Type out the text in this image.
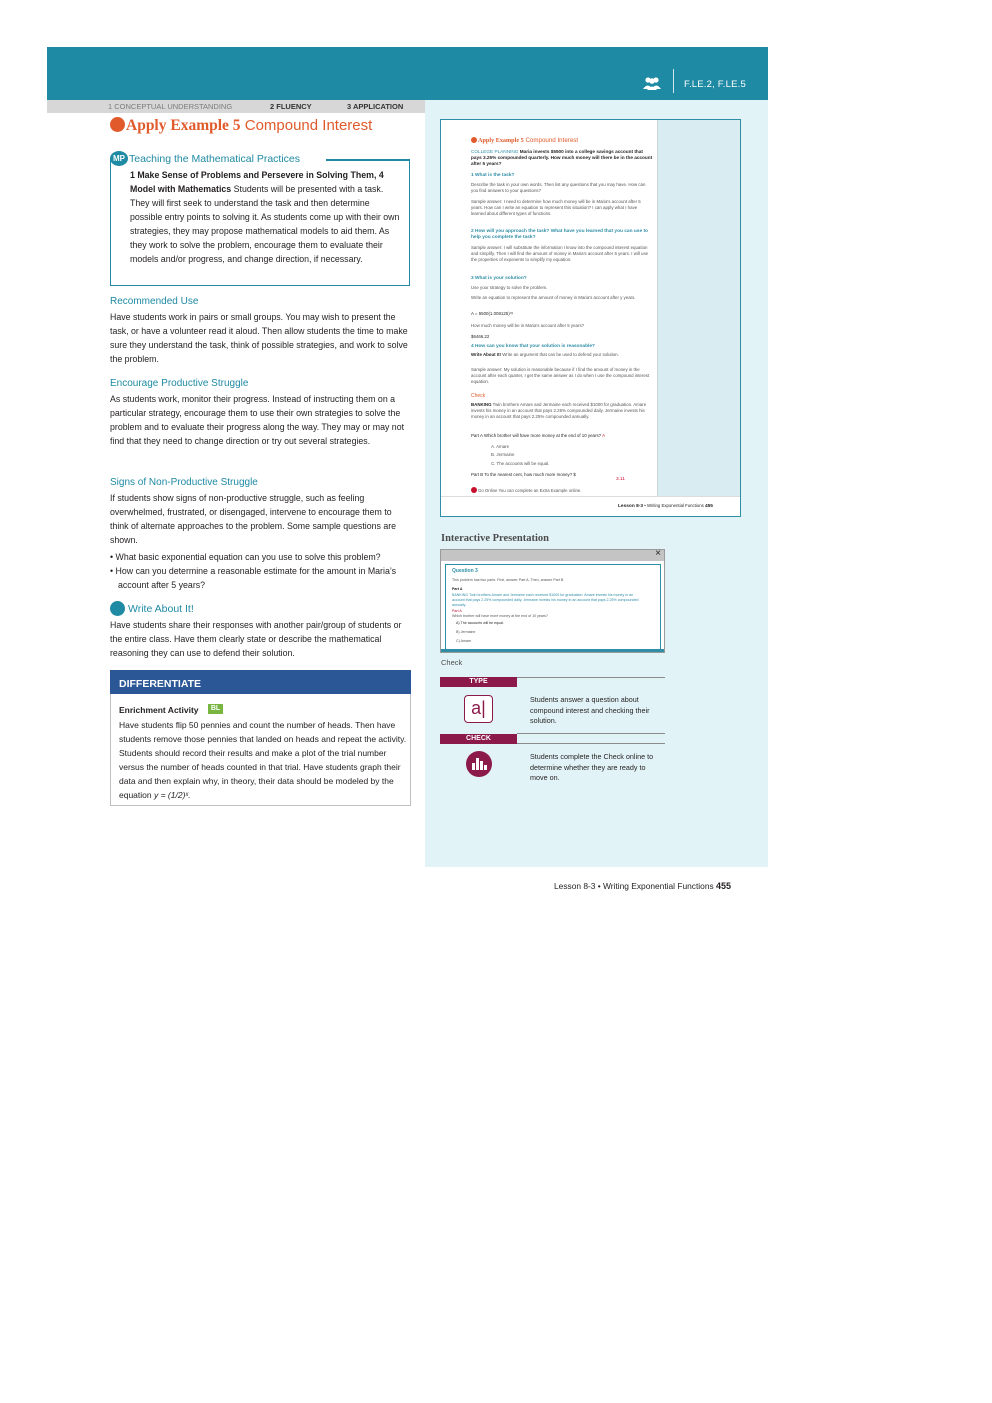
F.LE.2, F.LE.5
1 CONCEPTUAL UNDERSTANDING	2 FLUENCY	3 APPLICATION
Apply Example 5 Compound Interest
MP Teaching the Mathematical Practices
1 Make Sense of Problems and Persevere in Solving Them, 4 Model with Mathematics Students will be presented with a task. They will first seek to understand the task and then determine possible entry points to solving it. As students come up with their own strategies, they may propose mathematical models to aid them. As they work to solve the problem, encourage them to evaluate their models and/or progress, and change direction, if necessary.
Recommended Use
Have students work in pairs or small groups. You may wish to present the task, or have a volunteer read it aloud. Then allow students the time to make sure they understand the task, think of possible strategies, and work to solve the problem.
Encourage Productive Struggle
As students work, monitor their progress. Instead of instructing them on a particular strategy, encourage them to use their own strategies to solve the problem and to evaluate their progress along the way. They may or may not find that they need to change direction or try out several strategies.
Signs of Non-Productive Struggle
If students show signs of non-productive struggle, such as feeling overwhelmed, frustrated, or disengaged, intervene to encourage them to think of alternate approaches to the problem. Some sample questions are shown.
• What basic exponential equation can you use to solve this problem?
• How can you determine a reasonable estimate for the amount in Maria’s account after 5 years?
Write About It!
Have students share their responses with another pair/group of students or the entire class. Have them clearly state or describe the mathematical reasoning they can use to defend their solution.
DIFFERENTIATE
Enrichment Activity	BL
Have students flip 50 pennies and count the number of heads. Then have students remove those pennies that landed on heads and repeat the activity. Students should record their results and make a plot of the trial number versus the number of heads counted in that trial. Have students graph their data and then explain why, in theory, their data should be modeled by the equation y = (1/2)ˣ.
Apply Example 5 Compound Interest
COLLEGE PLANNING Maria invests $5500 into a college savings account that pays 3.25% compounded quarterly. How much money will there be in the account after 5 years?
1 What is the task?
Describe the task in your own words. Then list any questions that you may have. How can you find answers to your questions?
Sample answer: I need to determine how much money will be in Maria's account after 5 years. How can I write an equation to represent this situation? I can apply what I have learned about different types of functions.
2 How will you approach the task? What have you learned that you can use to help you complete the task?
Sample answer: I will substitute the information I know into the compound interest equation and simplify. Then I will find the amount of money in Maria's account after 5 years. I will use the properties of exponents to simplify my equation.
3 What is your solution?
Use your strategy to solve the problem.
Write an equation to represent the amount of money in Maria's account after y years.
A = 5500(1.008125)⁴ʸ
How much money will be in Maria's account after 5 years?
$6466.22
4 How can you know that your solution is reasonable?
Write About It! Write an argument that can be used to defend your solution.
Sample answer: My solution is reasonable because if I find the amount of money in the account after each quarter, I get the same answer as I do when I use the compound interest equation.
Check
BANKING Twin brothers Amare and Jermaine each received $1000 for graduation. Amare invests his money in an account that pays 2.25% compounded daily. Jermaine invests his money in an account that pays 2.25% compounded annually.
Part A Which brother will have more money at the end of 10 years? A
A. Amare
B. Jermaine
C. The accounts will be equal.
Part B To the nearest cent, how much more money? $
3.11
Go Online You can complete an Extra Example online.
Lesson 8-3 • Writing Exponential Functions 455
Interactive Presentation
×
Question 3
This problem has two parts. First, answer Part A. Then, answer Part B.
Part A
BANKING Twin brothers Amare and Jermaine each received $1000 for graduation. Amare invests his money in an
account that pays 2.25% compounded daily. Jermaine invests his money in an account that pays 2.25% compounded
annually.
Part A
Which brother will have more money at the end of 10 years?
A) The accounts will be equal.
B) Jermaine
C) Amare
Check
TYPE
a|	Students answer a question about compound interest and checking their solution.
CHECK
Students complete the Check online to determine whether they are ready to move on.
Lesson 8-3 • Writing Exponential Functions 455
